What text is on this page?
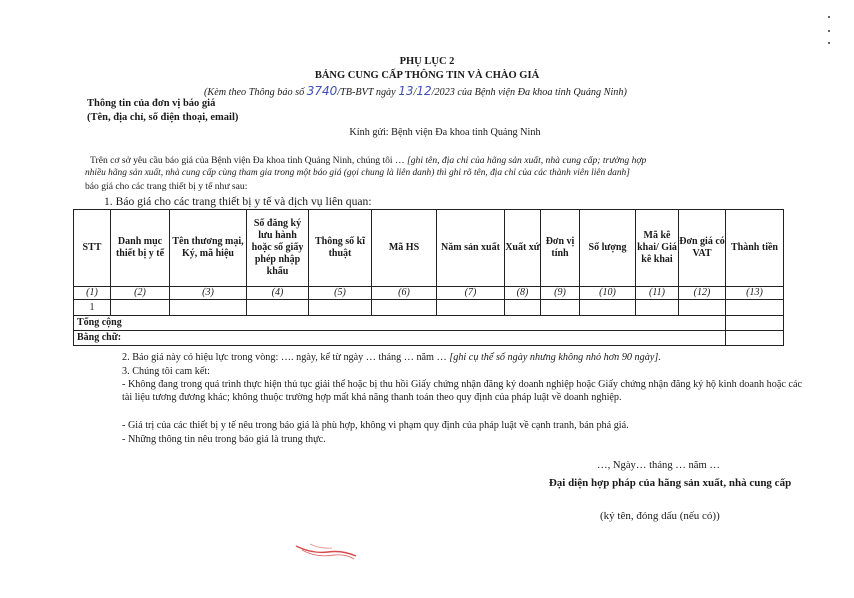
PHỤ LỤC 2
BẢNG CUNG CẤP THÔNG TIN VÀ CHÀO GIÁ
(Kèm theo Thông báo số 3740/TB-BVT ngày 13/12/2023 của Bệnh viện Đa khoa tỉnh Quảng Ninh)
Thông tin của đơn vị báo giá
(Tên, địa chỉ, số điện thoại, email)
Kính gửi: Bệnh viện Đa khoa tỉnh Quảng Ninh
Trên cơ sở yêu cầu báo giá của Bệnh viện Đa khoa tỉnh Quảng Ninh, chúng tôi … [ghi tên, địa chỉ của hãng sản xuất, nhà cung cấp; trường hợp
nhiều hãng sản xuất, nhà cung cấp cùng tham gia trong một báo giá (gọi chung là liên danh) thì ghi rõ tên, địa chỉ của các thành viên liên danh]
báo giá cho các trang thiết bị y tế như sau:
1. Báo giá cho các trang thiết bị y tế và dịch vụ liên quan:
STT	Danh mục thiết bị y tế	Tên thương mại, Ký, mã hiệu	Số đăng ký lưu hành hoặc số giấy phép nhập khẩu	Thông số kĩ thuật	Mã HS	Năm sản xuất	Xuất xứ	Đơn vị tính	Số lượng	Mã kê khai/ Giá kê khai	Đơn giá có VAT	Thành tiền
(1)	(2)	(3)	(4)	(5)	(6)	(7)	(8)	(9)	(10)	(11)	(12)	(13)
1												
Tổng cộng												
Bằng chữ:												
2. Báo giá này có hiệu lực trong vòng: …. ngày, kể từ ngày … tháng … năm … [ghi cụ thể số ngày nhưng không nhỏ hơn 90 ngày].
3. Chúng tôi cam kết:
- Không đang trong quá trình thực hiện thủ tục giải thể hoặc bị thu hồi Giấy chứng nhận đăng ký doanh nghiệp hoặc Giấy chứng nhận đăng ký hộ kinh doanh hoặc các tài liệu tương đương khác; không thuộc trường hợp mất khả năng thanh toán theo quy định của pháp luật về doanh nghiệp.
- Giá trị của các thiết bị y tế nêu trong báo giá là phù hợp, không vi phạm quy định của pháp luật về cạnh tranh, bán phá giá.
- Những thông tin nêu trong báo giá là trung thực.
…, Ngày… tháng … năm …
Đại diện hợp pháp của hãng sản xuất, nhà cung cấp
(ký tên, đóng dấu (nếu có))
